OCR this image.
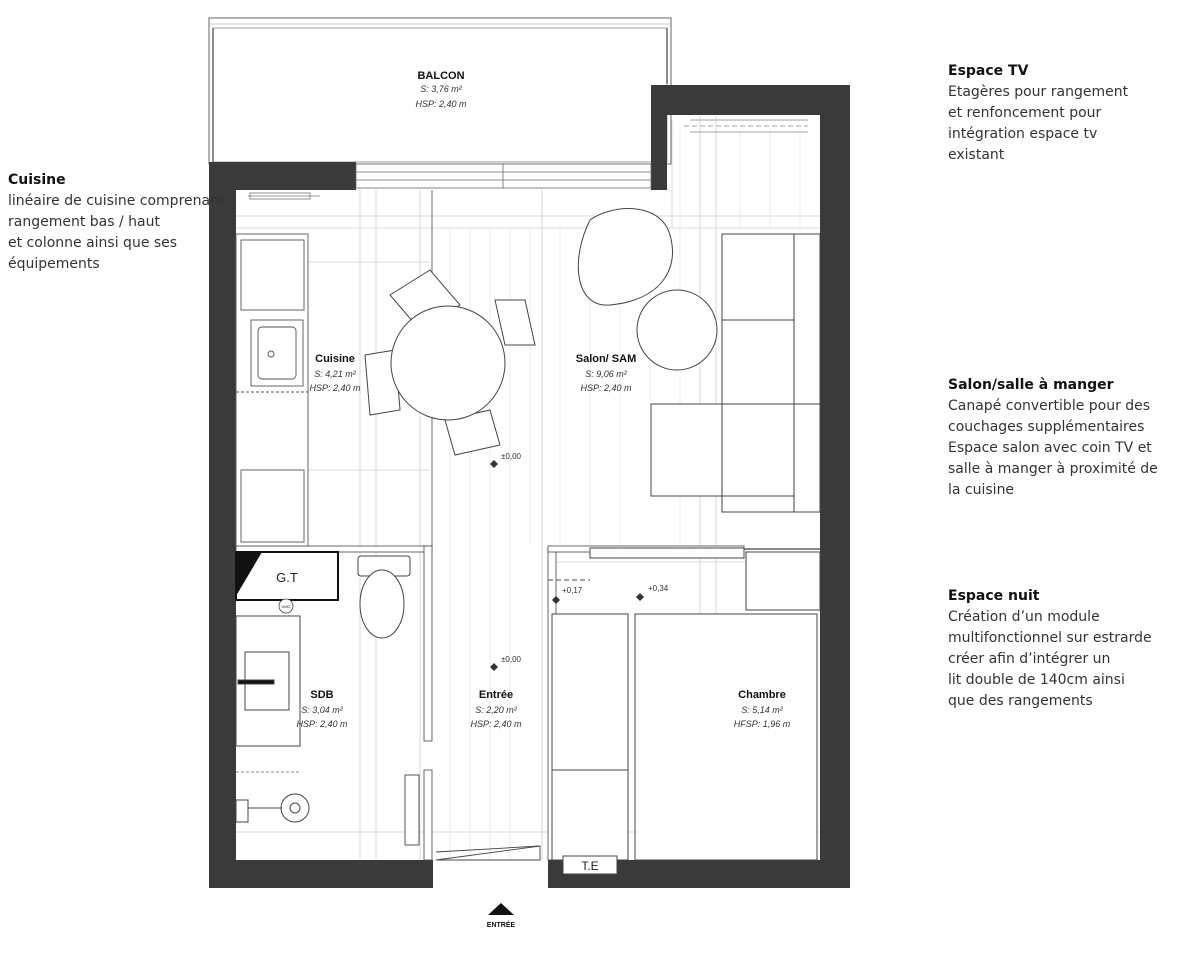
G.T
VMC
T.E
±0,00
±0,00
+0,17	+0,34
BALCON
S: 3,76 m²
HSP: 2,40 m
Cuisine
S: 4,21 m²
HSP: 2,40 m
Salon/ SAM
S: 9,06 m²
HSP: 2,40 m
SDB
S: 3,04 m²
HSP: 2,40 m
Entrée
S: 2,20 m²
HSP: 2,40 m
Chambre
S: 5,14 m²
HFSP: 1,96 m
ENTRÉE
Cuisine
linéaire de cuisine comprenant
rangement bas / haut
et colonne ainsi que ses
équipements
Espace TV
Etagères pour rangement
et renfoncement pour
intégration espace tv
existant
Salon/salle à manger
Canapé convertible pour des
couchages supplémentaires
Espace salon avec coin TV et
salle à manger à proximité de
la cuisine
Espace nuit
Création d’un module
multifonctionnel sur estrarde
créer afin d’intégrer un
lit double de 140cm ainsi
que des rangements
